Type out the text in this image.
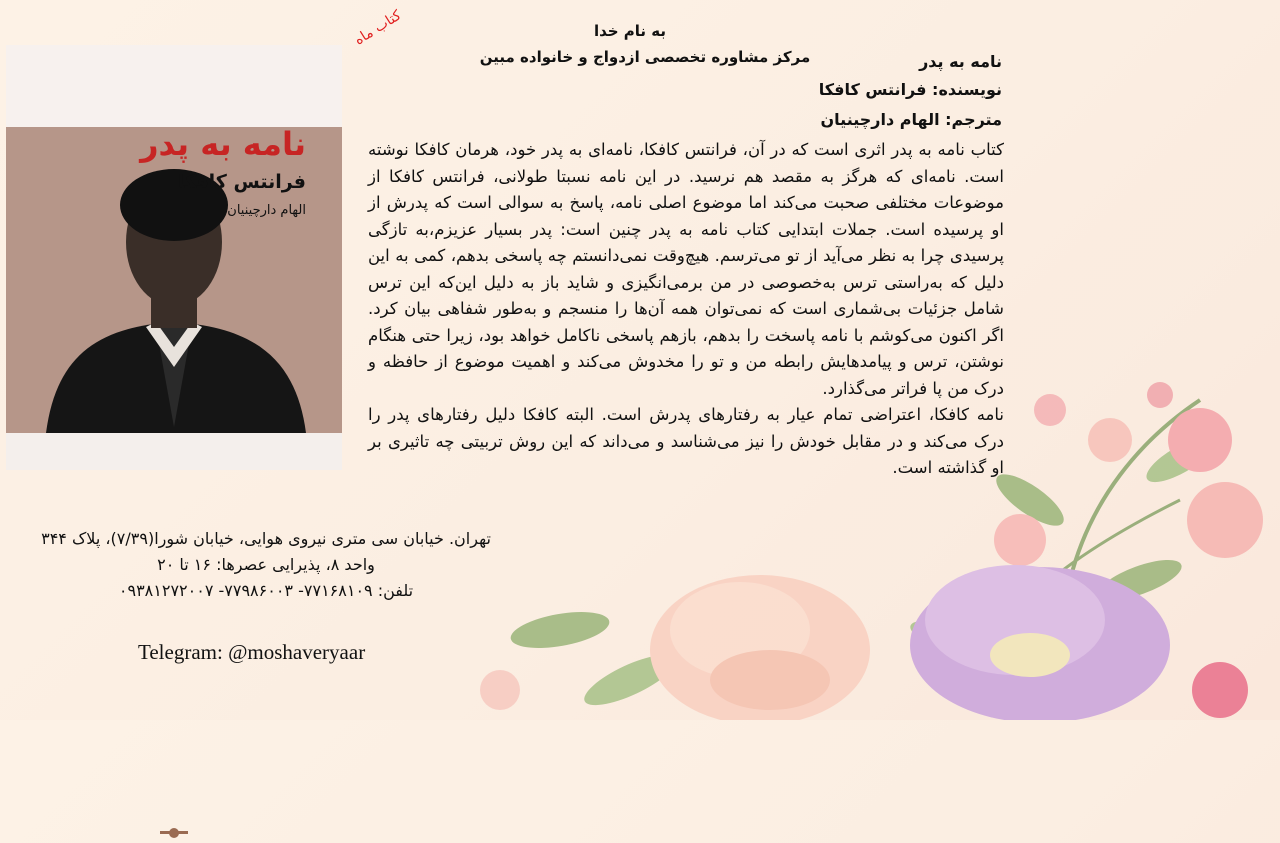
نامه به پدر
فرانتس کافکا
الهام دارچینیان
کتاب ماه	به نام خدا
مرکز مشاوره تخصصی ازدواج و خانواده مبین	نامه به پدر
نویسنده: فرانتس کافکا
مترجم: الهام دارچینیان

کتاب نامه به پدر اثری است که در آن، فرانتس کافکا، نامه‌ای به پدر خود، هرمان کافکا نوشته است. نامه‌ای که هرگز به مقصد هم نرسید. در این نامه نسبتا طولانی، فرانتس کافکا از موضوعات مختلفی صحبت می‌کند اما موضوع اصلی نامه، پاسخ به سوالی است که پدرش از او پرسیده است. جملات ابتدایی کتاب نامه به پدر چنین است: پدر بسیار عزیزم،به تازگی پرسیدی چرا به نظر می‌آید از تو می‌ترسم. هیچ‌وقت نمی‌دانستم چه پاسخی بدهم، کمی به این دلیل که به‌راستی ترس به‌خصوصی در من برمی‌انگیزی و شاید باز به دلیل این‌که این ترس شامل جزئیات بی‌شماری است که نمی‌توان همه آن‌ها را منسجم و به‌طور شفاهی بیان کرد. اگر اکنون می‌کوشم با نامه پاسخت را بدهم، بازهم پاسخی ناکامل خواهد بود، زیرا حتی هنگام نوشتن، ترس و پیامدهایش رابطه من و تو را مخدوش می‌کند و اهمیت موضوع از حافظه و درک من پا فراتر می‌گذارد.

نامه کافکا، اعتراضی تمام عیار به رفتارهای پدرش است. البته کافکا دلیل رفتارهای پدر را درک می‌کند و در مقابل خودش را نیز می‌شناسد و می‌داند که این روش تربیتی چه تاثیری بر او گذاشته است.

تهران. خیابان سی متری نیروی هوایی، خیابان شورا(۷/۳۹)، پلاک ۳۴۴
واحد ۸، پذیرایی عصرها: ۱۶ تا ۲۰
تلفن: ۷۷۱۶۸۱۰۹- ۷۷۹۸۶۰۰۳- ۰۹۳۸۱۲۷۲۰۰۷
Telegram: @moshaveryaar
